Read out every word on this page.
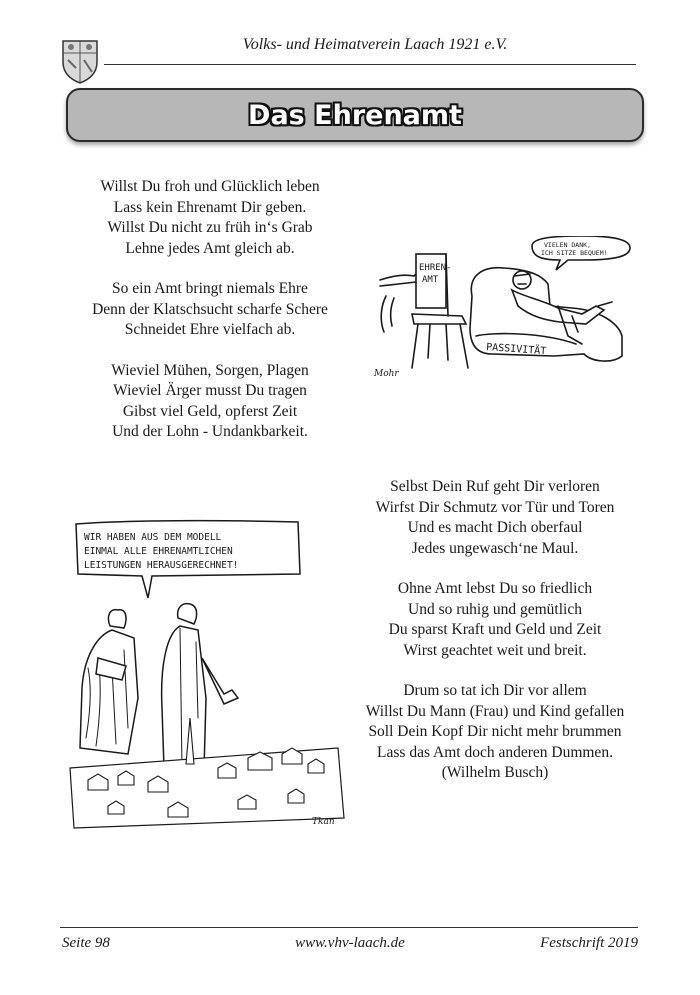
Volks- und Heimatverein Laach 1921 e.V.
Das Ehrenamt
Willst Du froh und Glücklich leben
Lass kein Ehrenamt Dir geben.
Willst Du nicht zu früh in‘s Grab
Lehne jedes Amt gleich ab.
So ein Amt bringt niemals Ehre
Denn der Klatschsucht scharfe Schere
Schneidet Ehre vielfach ab.
Wieviel Mühen, Sorgen, Plagen
Wieviel Ärger musst Du tragen
Gibst viel Geld, opferst Zeit
Und der Lohn - Undankbarkeit.
EHREN-
AMT
PASSIVITÄT
VIELEN DANK,
ICH SITZE BEQUEM!
Mohr
Selbst Dein Ruf geht Dir verloren
Wirfst Dir Schmutz vor Tür und Toren
Und es macht Dich oberfaul
Jedes ungewasch‘ne Maul.
Ohne Amt lebst Du so friedlich
Und so ruhig und gemütlich
Du sparst Kraft und Geld und Zeit
Wirst geachtet weit und breit.
Drum so tat ich Dir vor allem
Willst Du Mann (Frau) und Kind gefallen
Soll Dein Kopf Dir nicht mehr brummen
Lass das Amt doch anderen Dummen.
(Wilhelm Busch)
WIR HABEN AUS DEM MODELL
EINMAL ALLE EHRENAMTLICHEN
LEISTUNGEN HERAUSGERECHNET!
Tkan
Seite 98	www.vhv-laach.de	Festschrift 2019
